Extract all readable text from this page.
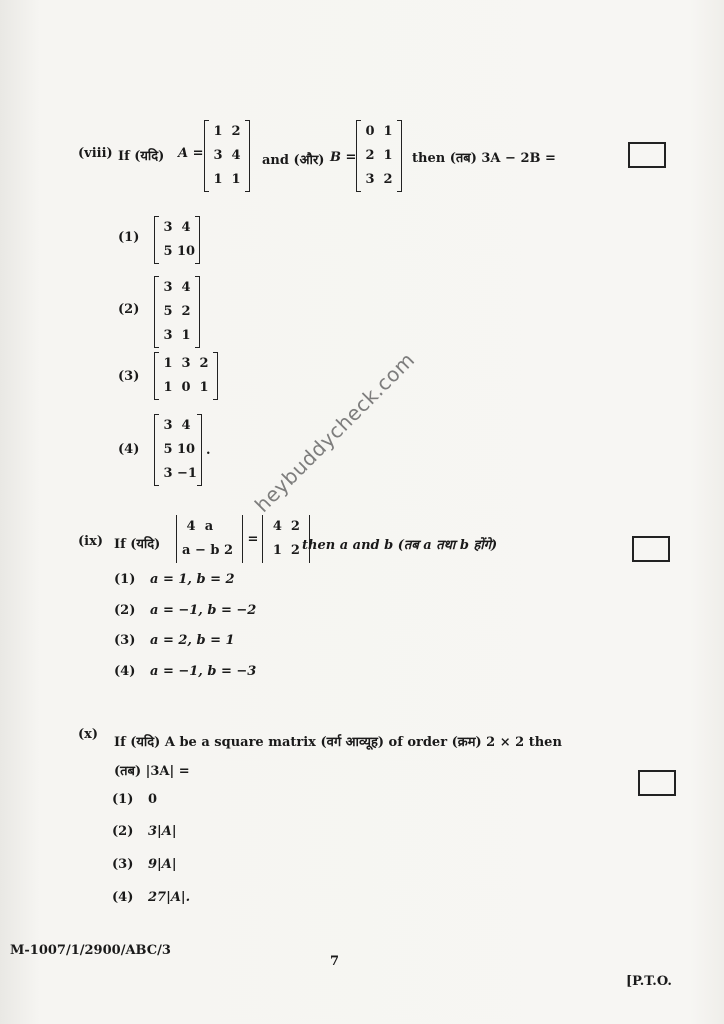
(viii) If (यदि) A =
1 2
3 4
1 1
and (और) B =
0 1
2 1
3 2
then (तब) 3A − 2B =
(1)
3 4
5 10
(2)
3 4
5 2
3 1
(3)
1 3 2
1 0 1
(4)
3 4
5 10
3 −1
.
(ix) If (यदि)
4 a
a − b 2
=
4 2
1 2 then a and b (तब a तथा b होंगे)
(1) a = 1, b = 2
(2) a = −1, b = −2
(3) a = 2, b = 1
(4) a = −1, b = −3
(x)
If (यदि) A be a square matrix (वर्ग आव्यूह) of order (क्रम) 2 × 2 then
(तब) |3A| =
(1) 0
(2) 3|A|
(3) 9|A|
(4) 27|A|.
heybuddycheck.com
M-1007/1/2900/ABC/3
7
[P.T.O.
